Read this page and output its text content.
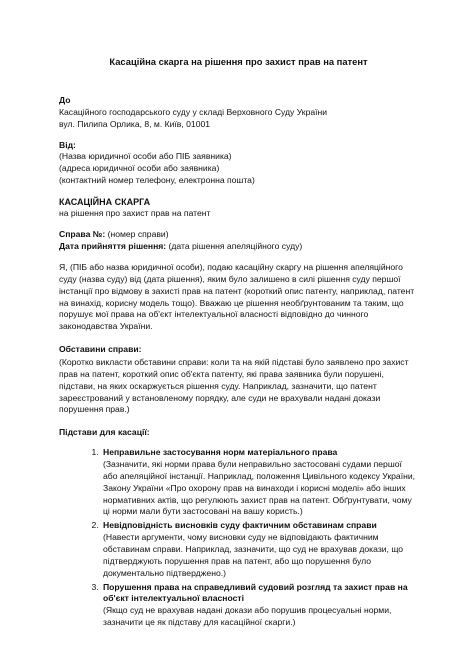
Касаційна скарга на рішення про захист прав на патент

До

Касаційного господарського суду у складі Верховного Суду України

вул. Пилипа Орлика, 8, м. Київ, 01001

Від:

(Назва юридичної особи або ПІБ заявника)

(адреса юридичної особи або заявника)

(контактний номер телефону, електронна пошта)

КАСАЦІЙНА СКАРГА

на рішення про захист прав на патент

Справа №: (номер справи)

Дата прийняття рішення: (дата рішення апеляційного суду)

Я, (ПІБ або назва юридичної особи), подаю касаційну скаргу на рішення апеляційного суду (назва суду) від (дата рішення), яким було залишено в силі рішення суду першої інстанції про відмову в захисті прав на патент (короткий опис патенту, наприклад, патент на винахід, корисну модель тощо). Вважаю це рішення необґрунтованим та таким, що порушує мої права на об'єкт інтелектуальної власності відповідно до чинного законодавства України.

Обставини справи:

(Коротко викласти обставини справи: коли та на якій підставі було заявлено про захист прав на патент, короткий опис об'єкта патенту, які права заявника були порушені, підстави, на яких оскаржується рішення суду. Наприклад, зазначити, що патент зареєстрований у встановленому порядку, але суди не врахували надані докази порушення прав.)

Підстави для касації:

1. Неправильне застосування норм матеріального права
(Зазначити, які норми права були неправильно застосовані судами першої або апеляційної інстанції. Наприклад, положення Цивільного кодексу України, Закону України «Про охорону прав на винаходи і корисні моделі» або інших нормативних актів, що регулюють захист прав на патент. Обґрунтувати, чому ці норми мали бути застосовані на вашу користь.)
2. Невідповідність висновків суду фактичним обставинам справи
(Навести аргументи, чому висновки суду не відповідають фактичним обставинам справи. Наприклад, зазначити, що суд не врахував докази, що підтверджують порушення прав на патент, або що порушення було документально підтверджено.)
3. Порушення права на справедливий судовий розгляд та захист прав на об'єкт інтелектуальної власності
(Якщо суд не врахував надані докази або порушив процесуальні норми, зазначити це як підставу для касаційної скарги.)
